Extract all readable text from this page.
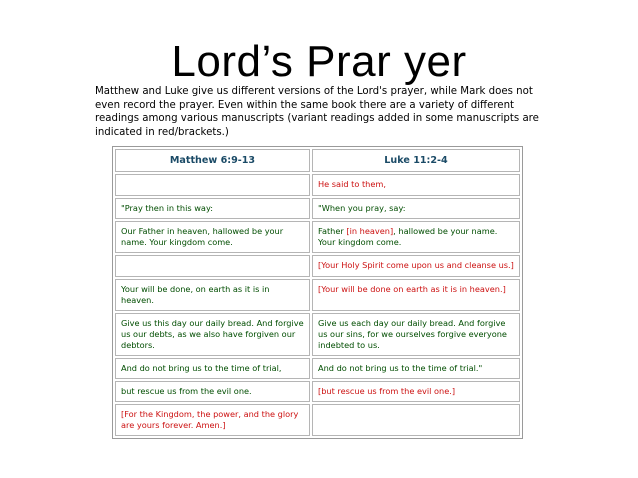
Lord’s Prar yer
Matthew and Luke give us different versions of the Lord's prayer, while Mark does not even record the prayer. Even within the same book there are a variety of different readings among various manuscripts (variant readings added in some manuscripts are indicated in red/brackets.)
Matthew 6:9-13	Luke 11:2-4
	He said to them,
"Pray then in this way:	"When you pray, say:
Our Father in heaven, hallowed be your name. Your kingdom come.	Father [in heaven], hallowed be your name. Your kingdom come.
	[Your Holy Spirit come upon us and cleanse us.]
Your will be done, on earth as it is in heaven.	[Your will be done on earth as it is in heaven.]
Give us this day our daily bread. And forgive us our debts, as we also have forgiven our debtors.	Give us each day our daily bread. And forgive us our sins, for we ourselves forgive everyone indebted to us.
And do not bring us to the time of trial,	And do not bring us to the time of trial."
but rescue us from the evil one.	[but rescue us from the evil one.]
[For the Kingdom, the power, and the glory are yours forever. Amen.]	
